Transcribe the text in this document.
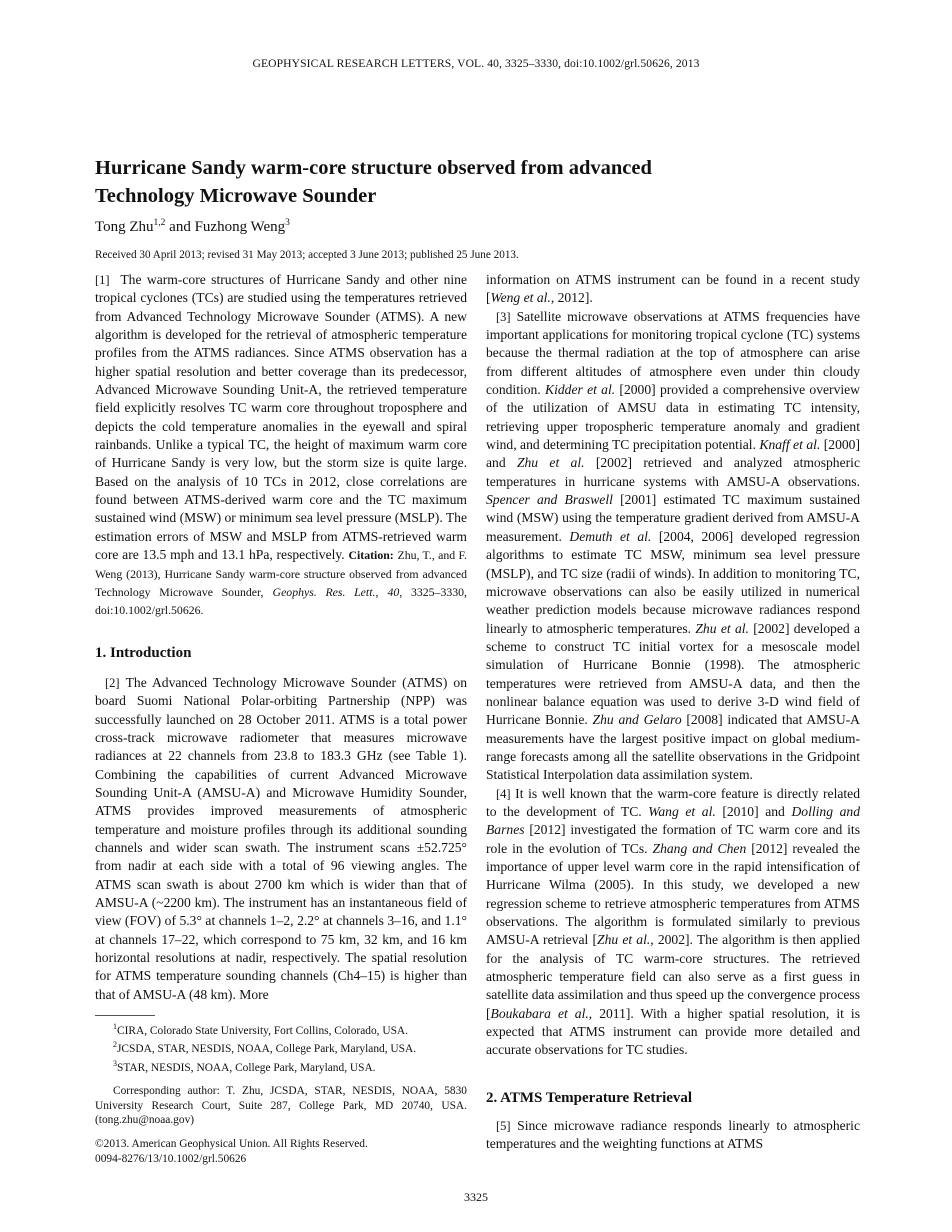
GEOPHYSICAL RESEARCH LETTERS, VOL. 40, 3325–3330, doi:10.1002/grl.50626, 2013
Hurricane Sandy warm-core structure observed from advanced
Technology Microwave Sounder
Tong Zhu$^{1,2}$ and Fuzhong Weng$^3$
Received 30 April 2013; revised 31 May 2013; accepted 3 June 2013; published 25 June 2013.

[1] The warm-core structures of Hurricane Sandy and other nine tropical cyclones (TCs) are studied using the temperatures retrieved from Advanced Technology Microwave Sounder (ATMS). A new algorithm is developed for the retrieval of atmospheric temperature profiles from the ATMS radiances. Since ATMS observation has a higher spatial resolution and better coverage than its predecessor, Advanced Microwave Sounding Unit-A, the retrieved temperature field explicitly resolves TC warm core throughout troposphere and depicts the cold temperature anomalies in the eyewall and spiral rainbands. Unlike a typical TC, the height of maximum warm core of Hurricane Sandy is very low, but the storm size is quite large. Based on the analysis of 10 TCs in 2012, close correlations are found between ATMS-derived warm core and the TC maximum sustained wind (MSW) or minimum sea level pressure (MSLP). The estimation errors of MSW and MSLP from ATMS-retrieved warm core are 13.5 mph and 13.1 hPa, respectively. Citation: Zhu, T., and F. Weng (2013), Hurricane Sandy warm-core structure observed from advanced Technology Microwave Sounder, Geophys. Res. Lett., 40, 3325–3330, doi:10.1002/grl.50626.

1. Introduction

[2] The Advanced Technology Microwave Sounder (ATMS) on board Suomi National Polar-orbiting Partnership (NPP) was successfully launched on 28 October 2011. ATMS is a total power cross-track microwave radiometer that measures microwave radiances at 22 channels from 23.8 to 183.3 GHz (see Table 1). Combining the capabilities of current Advanced Microwave Sounding Unit-A (AMSU-A) and Microwave Humidity Sounder, ATMS provides improved measurements of atmospheric temperature and moisture profiles through its additional sounding channels and wider scan swath. The instrument scans ±52.725° from nadir at each side with a total of 96 viewing angles. The ATMS scan swath is about 2700 km which is wider than that of AMSU-A (~2200 km). The instrument has an instantaneous field of view (FOV) of 5.3° at channels 1–2, 2.2° at channels 3–16, and 1.1° at channels 17–22, which correspond to 75 km, 32 km, and 16 km horizontal resolutions at nadir, respectively. The spatial resolution for ATMS temperature sounding channels (Ch4–15) is higher than that of AMSU-A (48 km). More

$^1$CIRA, Colorado State University, Fort Collins, Colorado, USA.

$^2$JCSDA, STAR, NESDIS, NOAA, College Park, Maryland, USA.

$^3$STAR, NESDIS, NOAA, College Park, Maryland, USA.

Corresponding author: T. Zhu, JCSDA, STAR, NESDIS, NOAA, 5830 University Research Court, Suite 287, College Park, MD 20740, USA. (tong.zhu@noaa.gov)

©2013. American Geophysical Union. All Rights Reserved.
0094-8276/13/10.1002/grl.50626

information on ATMS instrument can be found in a recent study [Weng et al., 2012].

[3] Satellite microwave observations at ATMS frequencies have important applications for monitoring tropical cyclone (TC) systems because the thermal radiation at the top of atmosphere can arise from different altitudes of atmosphere even under thin cloudy condition. Kidder et al. [2000] provided a comprehensive overview of the utilization of AMSU data in estimating TC intensity, retrieving upper tropospheric temperature anomaly and gradient wind, and determining TC precipitation potential. Knaff et al. [2000] and Zhu et al. [2002] retrieved and analyzed atmospheric temperatures in hurricane systems with AMSU-A observations. Spencer and Braswell [2001] estimated TC maximum sustained wind (MSW) using the temperature gradient derived from AMSU-A measurement. Demuth et al. [2004, 2006] developed regression algorithms to estimate TC MSW, minimum sea level pressure (MSLP), and TC size (radii of winds). In addition to monitoring TC, microwave observations can also be easily utilized in numerical weather prediction models because microwave radiances respond linearly to atmospheric temperatures. Zhu et al. [2002] developed a scheme to construct TC initial vortex for a mesoscale model simulation of Hurricane Bonnie (1998). The atmospheric temperatures were retrieved from AMSU-A data, and then the nonlinear balance equation was used to derive 3-D wind field of Hurricane Bonnie. Zhu and Gelaro [2008] indicated that AMSU-A measurements have the largest positive impact on global medium-range forecasts among all the satellite observations in the Gridpoint Statistical Interpolation data assimilation system.

[4] It is well known that the warm-core feature is directly related to the development of TC. Wang et al. [2010] and Dolling and Barnes [2012] investigated the formation of TC warm core and its role in the evolution of TCs. Zhang and Chen [2012] revealed the importance of upper level warm core in the rapid intensification of Hurricane Wilma (2005). In this study, we developed a new regression scheme to retrieve atmospheric temperatures from ATMS observations. The algorithm is formulated similarly to previous AMSU-A retrieval [Zhu et al., 2002]. The algorithm is then applied for the analysis of TC warm-core structures. The retrieved atmospheric temperature field can also serve as a first guess in satellite data assimilation and thus speed up the convergence process [Boukabara et al., 2011]. With a higher spatial resolution, it is expected that ATMS instrument can provide more detailed and accurate observations for TC studies.

2. ATMS Temperature Retrieval

[5] Since microwave radiance responds linearly to atmospheric temperatures and the weighting functions at ATMS

3325
